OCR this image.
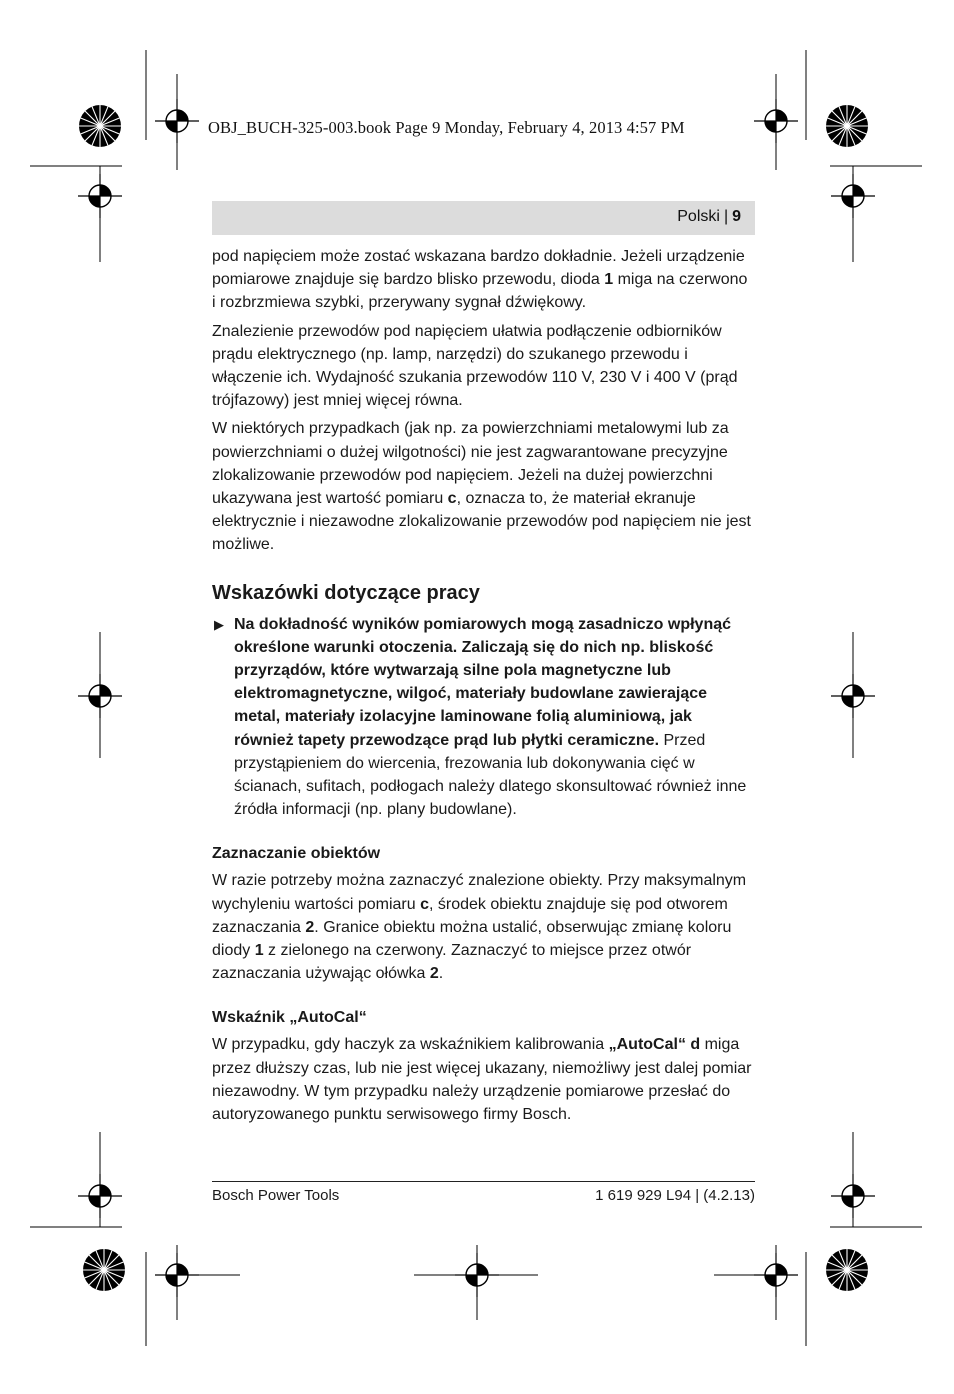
OBJ_BUCH-325-003.book Page 9 Monday, February 4, 2013 4:57 PM
Polski | 9

pod napięciem może zostać wskazana bardzo dokładnie. Jeżeli urządzenie pomiarowe znajduje się bardzo blisko przewodu, dioda 1 miga na czerwono i rozbrzmiewa szybki, przerywany sygnał dźwiękowy.

Znalezienie przewodów pod napięciem ułatwia podłączenie odbiorników prądu elektrycznego (np. lamp, narzędzi) do szukanego przewodu i włączenie ich. Wydajność szukania przewodów 110 V, 230 V i 400 V (prąd trójfazowy) jest mniej więcej równa.

W niektórych przypadkach (jak np. za powierzchniami metalowymi lub za powierzchniami o dużej wilgotności) nie jest zagwarantowane precyzyjne zlokalizowanie przewodów pod napięciem. Jeżeli na dużej powierzchni ukazywana jest wartość pomiaru c, oznacza to, że materiał ekranuje elektrycznie i niezawodne zlokalizowanie przewodów pod napięciem nie jest możliwe.

Wskazówki dotyczące pracy
▶ Na dokładność wyników pomiarowych mogą zasadniczo wpłynąć określone warunki otoczenia. Zaliczają się do nich np. bliskość przyrządów, które wytwarzają silne pola magnetyczne lub elektromagnetyczne, wilgoć, materiały budowlane zawierające metal, materiały izolacyjne laminowane folią aluminiową, jak również tapety przewodzące prąd lub płytki ceramiczne. Przed przystąpieniem do wiercenia, frezowania lub dokonywania cięć w ścianach, sufitach, podłogach należy dlatego skonsultować również inne źródła informacji (np. plany budowlane).
Zaznaczanie obiektów

W razie potrzeby można zaznaczyć znalezione obiekty. Przy maksymalnym wychyleniu wartości pomiaru c, środek obiektu znajduje się pod otworem zaznaczania 2. Granice obiektu można ustalić, obserwując zmianę koloru diody 1 z zielonego na czerwony. Zaznaczyć to miejsce przez otwór zaznaczania używając ołówka 2.

Wskaźnik „AutoCal“

W przypadku, gdy haczyk za wskaźnikiem kalibrowania „AutoCal“ d miga przez dłuższy czas, lub nie jest więcej ukazany, niemożliwy jest dalej pomiar niezawodny. W tym przypadku należy urządzenie pomiarowe przesłać do autoryzowanego punktu serwisowego firmy Bosch.

Bosch Power Tools	1 619 929 L94 | (4.2.13)
